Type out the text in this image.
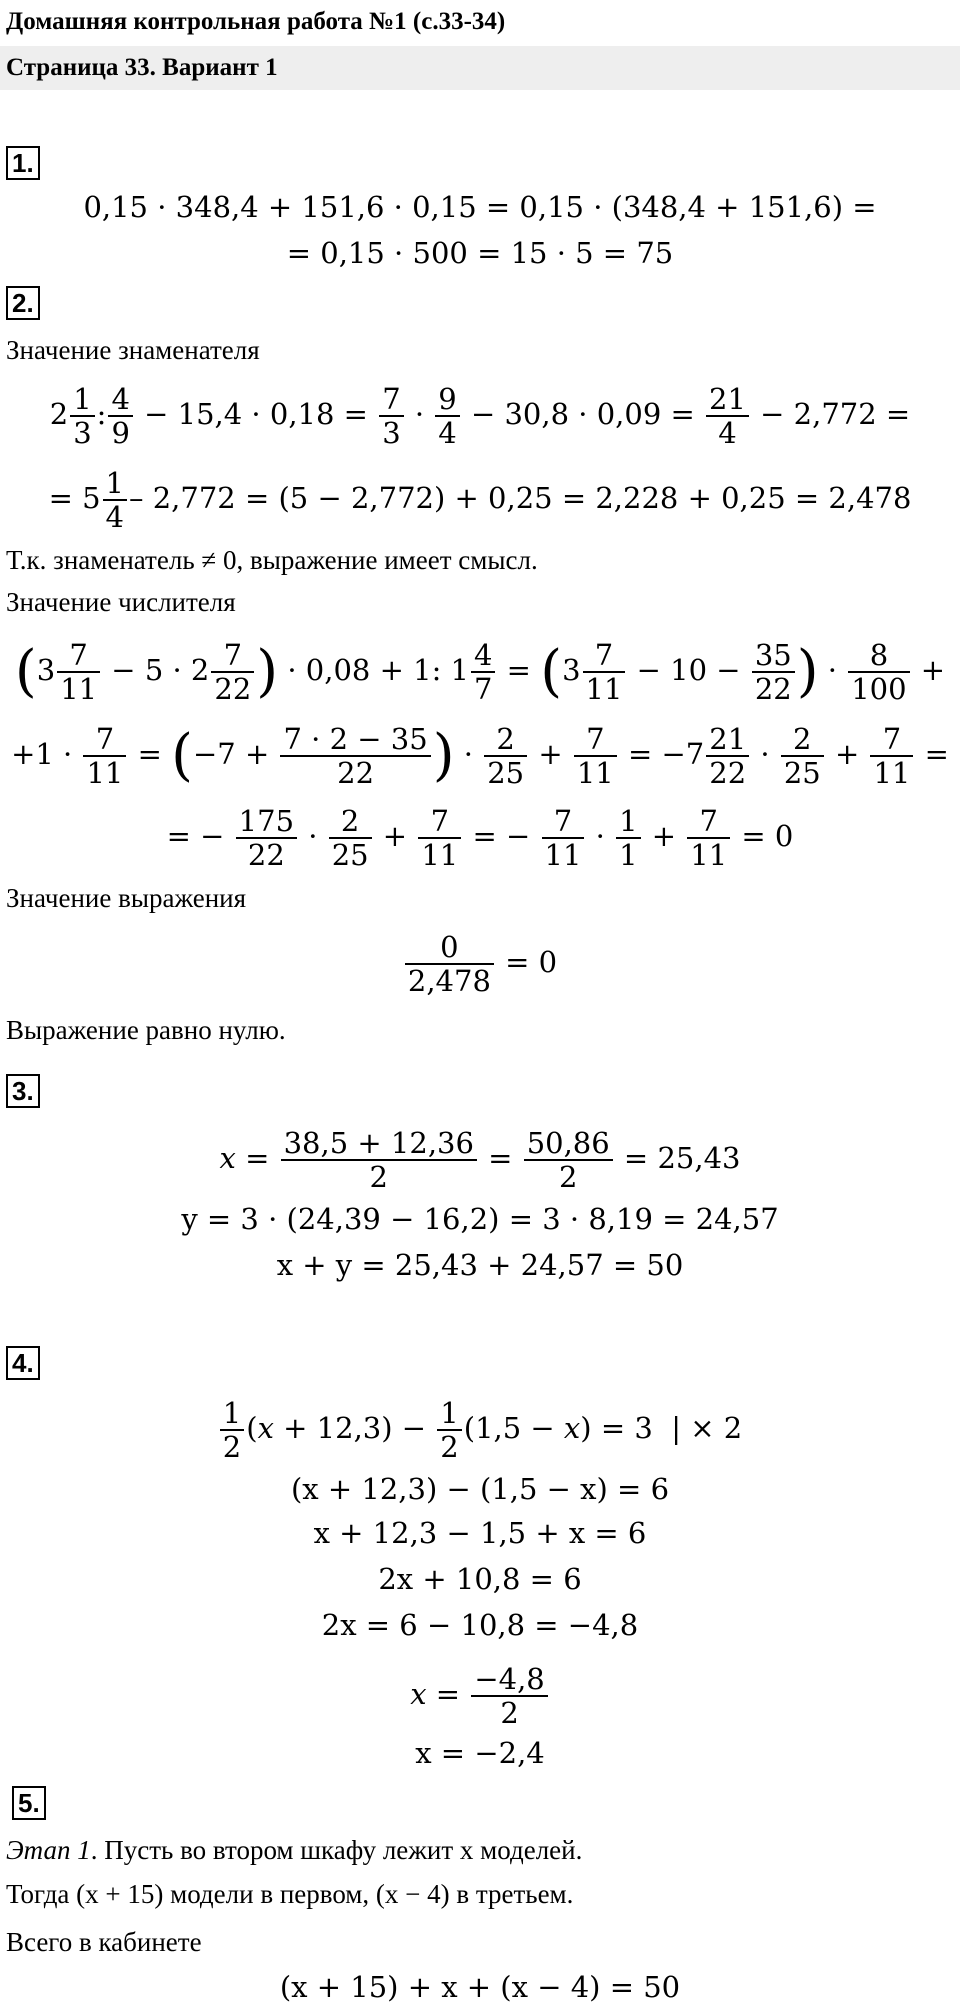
Домашняя контрольная работа №1 (с.33-34)
Страница 33. Вариант 1
1.
0,15 · 348,4 + 151,6 · 0,15 = 0,15 · (348,4 + 151,6) =
= 0,15 · 500 = 15 · 5 = 75
2.
Значение знаменателя
$2 \frac{1}{3}$ : $\frac{4}{9} - 15,4 \cdot 0,18 = \frac{7}{3} \cdot \frac{9}{4} - 30,8 \cdot 0,09 = \frac{21}{4} - 2,772$ =
= $5 \frac{1}{4} - 2,772 = (5 - 2,772) + 0,25 = 2,228 + 0,25 = 2,478$
Т.к. знаменатель ≠ 0, выражение имеет смысл.
Значение числителя
($3 \frac{7}{11} - 5 \cdot 2 \frac{7}{22}$ ) · 0,08 + 1: $1 \frac{4}{7} = (3 \frac{7}{11} - 10 - \frac{35}{22}$ ) · $\frac{8}{100}$ +
$+1 \cdot \frac{7}{11} = (-7 + \frac{7 \cdot 2 - 35}{22}$ ) · $\frac{2}{25} + \frac{7}{11} = -7 \frac{21}{22} \cdot \frac{2}{25} + \frac{7}{11}$ =
= − $\frac{175}{22} \cdot \frac{2}{25} + \frac{7}{11}$ = − $\frac{7}{11} \cdot \frac{1}{1} + \frac{7}{11} = 0$
Значение выражения
$\frac{0}{2,478} = 0$
Выражение равно нулю.
3.
$x = \frac{38,5 + 12,36}{2} = \frac{50,86}{2} = 25,43$
y = 3 · (24,39 − 16,2) = 3 · 8,19 = 24,57
x + y = 25,43 + 24,57 = 50
4.
$\frac{1}{2} (x + 12,3) - \frac{1}{2} (1,5 - x) = 3$  | × 2
(x + 12,3) − (1,5 − x) = 6
x + 12,3 − 1,5 + x = 6
2x + 10,8 = 6
2x = 6 − 10,8 = −4,8
$x = \frac{-4,8}{2}$
x = −2,4
5.
Этап 1. Пусть во втором шкафу лежит x моделей.
Тогда (x + 15) модели в первом, (x − 4) в третьем.
Всего в кабинете
(x + 15) + x + (x − 4) = 50
